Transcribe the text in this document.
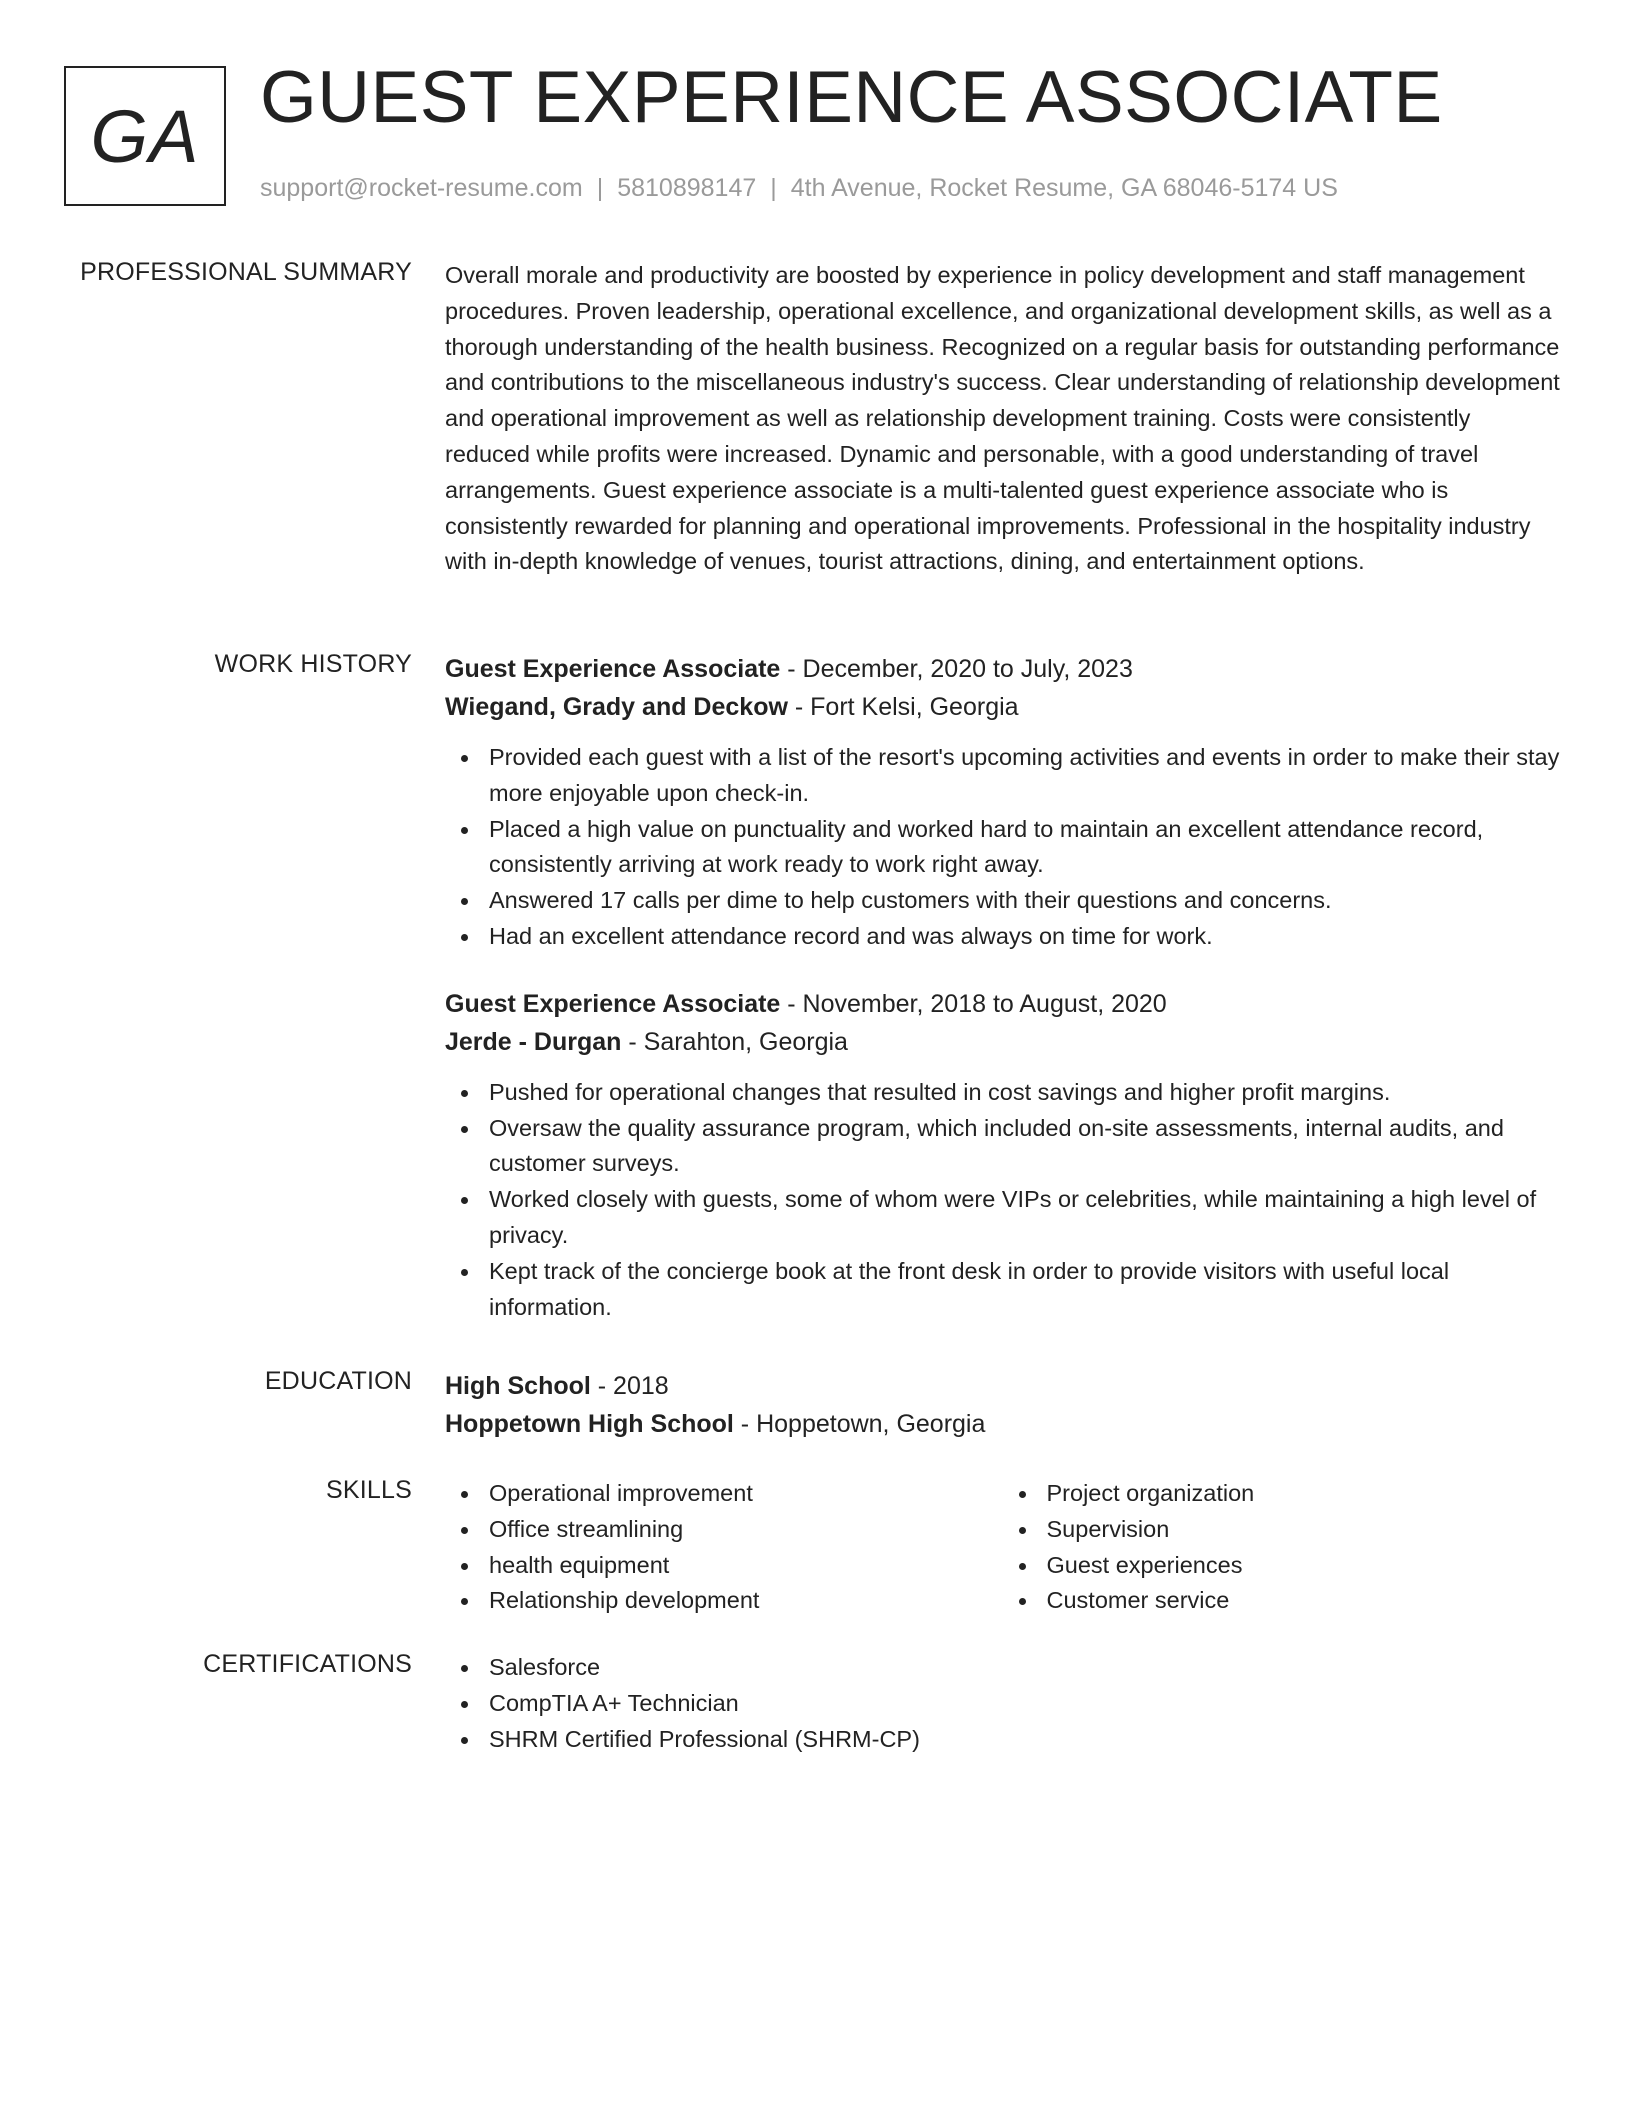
GA GUEST EXPERIENCE ASSOCIATE
support@rocket-resume.com | 5810898147 | 4th Avenue, Rocket Resume, GA 68046-5174 US
PROFESSIONAL SUMMARY Overall morale and productivity are boosted by experience in policy development and staff management procedures. Proven leadership, operational excellence, and organizational development skills, as well as a thorough understanding of the health business. Recognized on a regular basis for outstanding performance and contributions to the miscellaneous industry's success. Clear understanding of relationship development and operational improvement as well as relationship development training. Costs were consistently reduced while profits were increased. Dynamic and personable, with a good understanding of travel arrangements. Guest experience associate is a multi-talented guest experience associate who is consistently rewarded for planning and operational improvements. Professional in the hospitality industry with in-depth knowledge of venues, tourist attractions, dining, and entertainment options.

WORK HISTORY Guest Experience Associate - December, 2020 to July, 2023
Wiegand, Grady and Deckow - Fort Kelsi, Georgia
Provided each guest with a list of the resort's upcoming activities and events in order to make their stay more enjoyable upon check-in.
Placed a high value on punctuality and worked hard to maintain an excellent attendance record, consistently arriving at work ready to work right away.
Answered 17 calls per dime to help customers with their questions and concerns.
Had an excellent attendance record and was always on time for work.
Guest Experience Associate - November, 2018 to August, 2020
Jerde - Durgan - Sarahton, Georgia
Pushed for operational changes that resulted in cost savings and higher profit margins.
Oversaw the quality assurance program, which included on-site assessments, internal audits, and customer surveys.
Worked closely with guests, some of whom were VIPs or celebrities, while maintaining a high level of privacy.
Kept track of the concierge book at the front desk in order to provide visitors with useful local information.
EDUCATION High School - 2018
Hoppetown High School - Hoppetown, Georgia
SKILLS	Operational improvement
Office streamlining
health equipment
Relationship development
Project organization
Supervision
Guest experiences
Customer service
CERTIFICATIONS	Salesforce
CompTIA A+ Technician
SHRM Certified Professional (SHRM-CP)
